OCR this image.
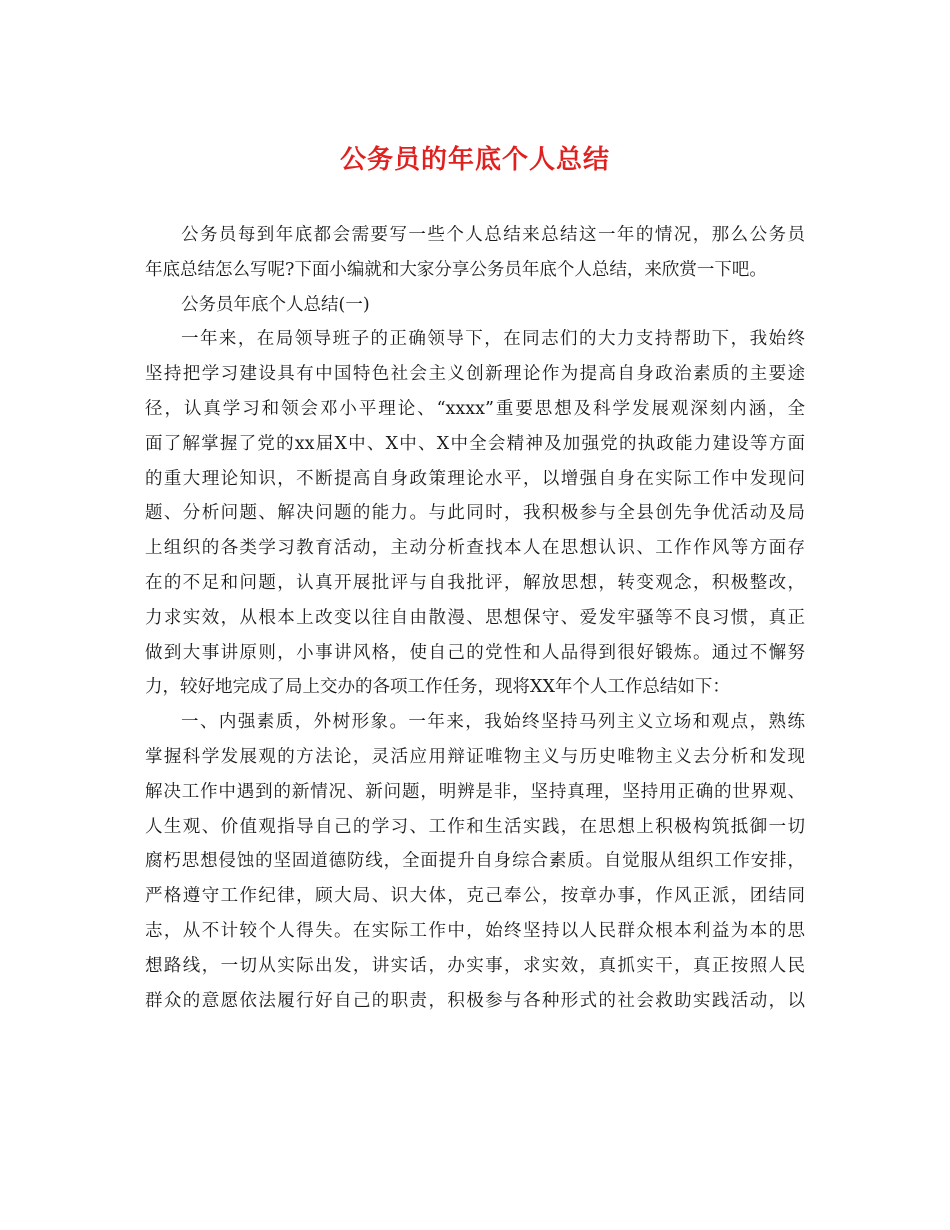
公务员的年底个人总结
公务员每到年底都会需要写一些个人总结来总结这一年的情况，那么公务员
年底总结怎么写呢?下面小编就和大家分享公务员年底个人总结，来欣赏一下吧。
公务员年底个人总结(一)
一年来，在局领导班子的正确领导下，在同志们的大力支持帮助下，我始终
坚持把学习建设具有中国特色社会主义创新理论作为提高自身政治素质的主要途
径，认真学习和领会邓小平理论、“xxxx”重要思想及科学发展观深刻内涵，全
面了解掌握了党的xx届X中、X中、X中全会精神及加强党的执政能力建设等方面
的重大理论知识，不断提高自身政策理论水平，以增强自身在实际工作中发现问
题、分析问题、解决问题的能力。与此同时，我积极参与全县创先争优活动及局
上组织的各类学习教育活动，主动分析查找本人在思想认识、工作作风等方面存
在的不足和问题，认真开展批评与自我批评，解放思想，转变观念，积极整改，
力求实效，从根本上改变以往自由散漫、思想保守、爱发牢骚等不良习惯，真正
做到大事讲原则，小事讲风格，使自己的党性和人品得到很好锻炼。通过不懈努
力，较好地完成了局上交办的各项工作任务，现将XX年个人工作总结如下：
一、内强素质，外树形象。一年来，我始终坚持马列主义立场和观点，熟练
掌握科学发展观的方法论，灵活应用辩证唯物主义与历史唯物主义去分析和发现
解决工作中遇到的新情况、新问题，明辨是非，坚持真理，坚持用正确的世界观、
人生观、价值观指导自己的学习、工作和生活实践，在思想上积极构筑抵御一切
腐朽思想侵蚀的坚固道德防线，全面提升自身综合素质。自觉服从组织工作安排，
严格遵守工作纪律，顾大局、识大体，克己奉公，按章办事，作风正派，团结同
志，从不计较个人得失。在实际工作中，始终坚持以人民群众根本利益为本的思
想路线，一切从实际出发，讲实话，办实事，求实效，真抓实干，真正按照人民
群众的意愿依法履行好自己的职责，积极参与各种形式的社会救助实践活动，以
